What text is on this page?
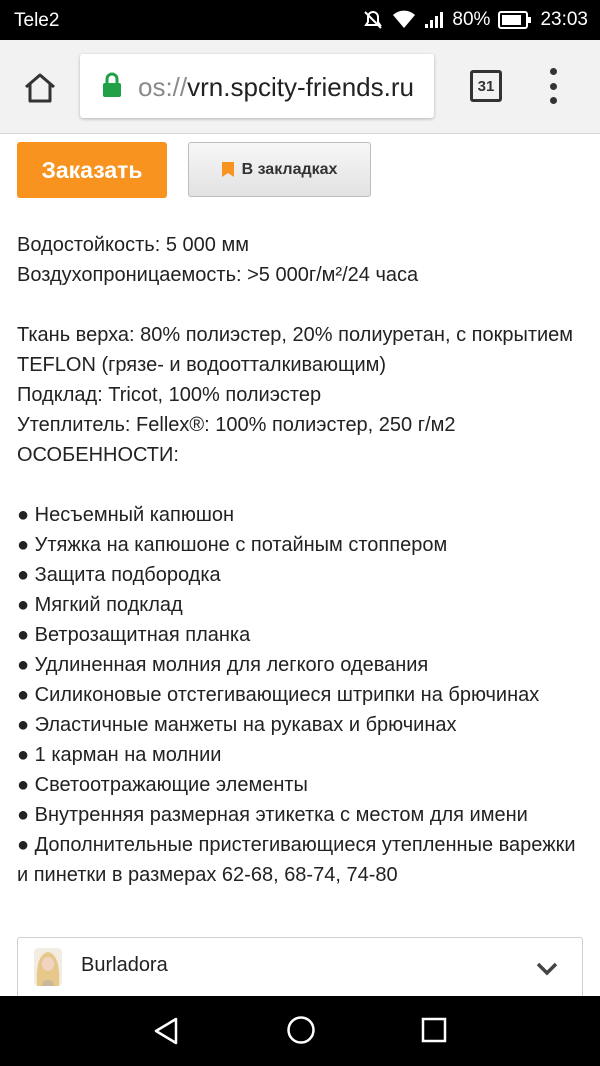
Tele2	80%	23:03
os://vrn.spcity-friends.ru	31
Заказать	В закладках
Водостойкость: 5 000 мм
Воздухопроницаемость: >5 000г/м²/24 часа
Ткань верха: 80% полиэстер, 20% полиуретан, с покрытием TEFLON (грязе- и водоотталкивающим)
Подклад: Tricot, 100% полиэстер
Утеплитель: Fellex®: 100% полиэстер, 250 г/м2
ОСОБЕННОСТИ:
● Несъемный капюшон
● Утяжка на капюшоне с потайным стоппером
● Защита подбородка
● Мягкий подклад
● Ветрозащитная планка
● Удлиненная молния для легкого одевания
● Силиконовые отстегивающиеся штрипки на брючинах
● Эластичные манжеты на рукавах и брючинах
● 1 карман на молнии
● Светоотражающие элементы
● Внутренняя размерная этикетка с местом для имени
● Дополнительные пристегивающиеся утепленные варежки и пинетки в размерах 62-68, 68-74, 74-80
Burladora
